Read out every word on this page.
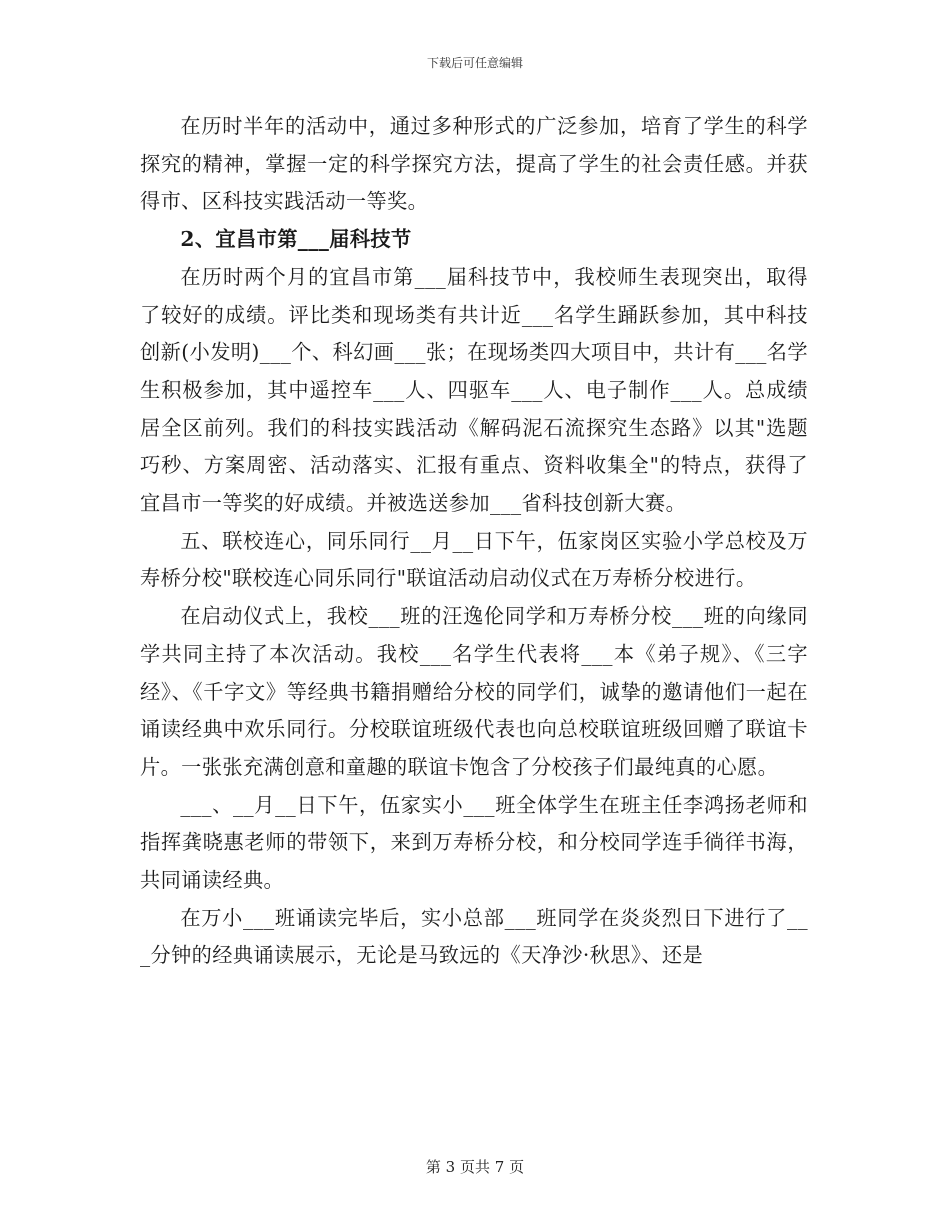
下载后可任意编辑

在历时半年的活动中，通过多种形式的广泛参加，培育了学生的科学探究的精神，掌握一定的科学探究方法，提高了学生的社会责任感。并获得市、区科技实践活动一等奖。

2、宜昌市第___届科技节

在历时两个月的宜昌市第___届科技节中，我校师生表现突出，取得了较好的成绩。评比类和现场类有共计近___名学生踊跃参加，其中科技创新(小发明)___个、科幻画___张；在现场类四大项目中，共计有___名学生积极参加，其中遥控车___人、四驱车___人、电子制作___人。总成绩居全区前列。我们的科技实践活动《解码泥石流探究生态路》以其"选题巧秒、方案周密、活动落实、汇报有重点、资料收集全"的特点，获得了宜昌市一等奖的好成绩。并被选送参加___省科技创新大赛。

五、联校连心，同乐同行__月__日下午，伍家岗区实验小学总校及万寿桥分校"联校连心同乐同行"联谊活动启动仪式在万寿桥分校进行。

在启动仪式上，我校___班的汪逸伦同学和万寿桥分校___班的向缘同学共同主持了本次活动。我校___名学生代表将___本《弟子规》、《三字经》、《千字文》等经典书籍捐赠给分校的同学们，诚挚的邀请他们一起在诵读经典中欢乐同行。分校联谊班级代表也向总校联谊班级回赠了联谊卡片。一张张充满创意和童趣的联谊卡饱含了分校孩子们最纯真的心愿。

___、__月__日下午，伍家实小___班全体学生在班主任李鸿扬老师和指挥龚晓惠老师的带领下，来到万寿桥分校，和分校同学连手徜徉书海，共同诵读经典。

在万小___班诵读完毕后，实小总部___班同学在炎炎烈日下进行了___分钟的经典诵读展示，无论是马致远的《天净沙·秋思》、还是

第 3 页共 7 页
